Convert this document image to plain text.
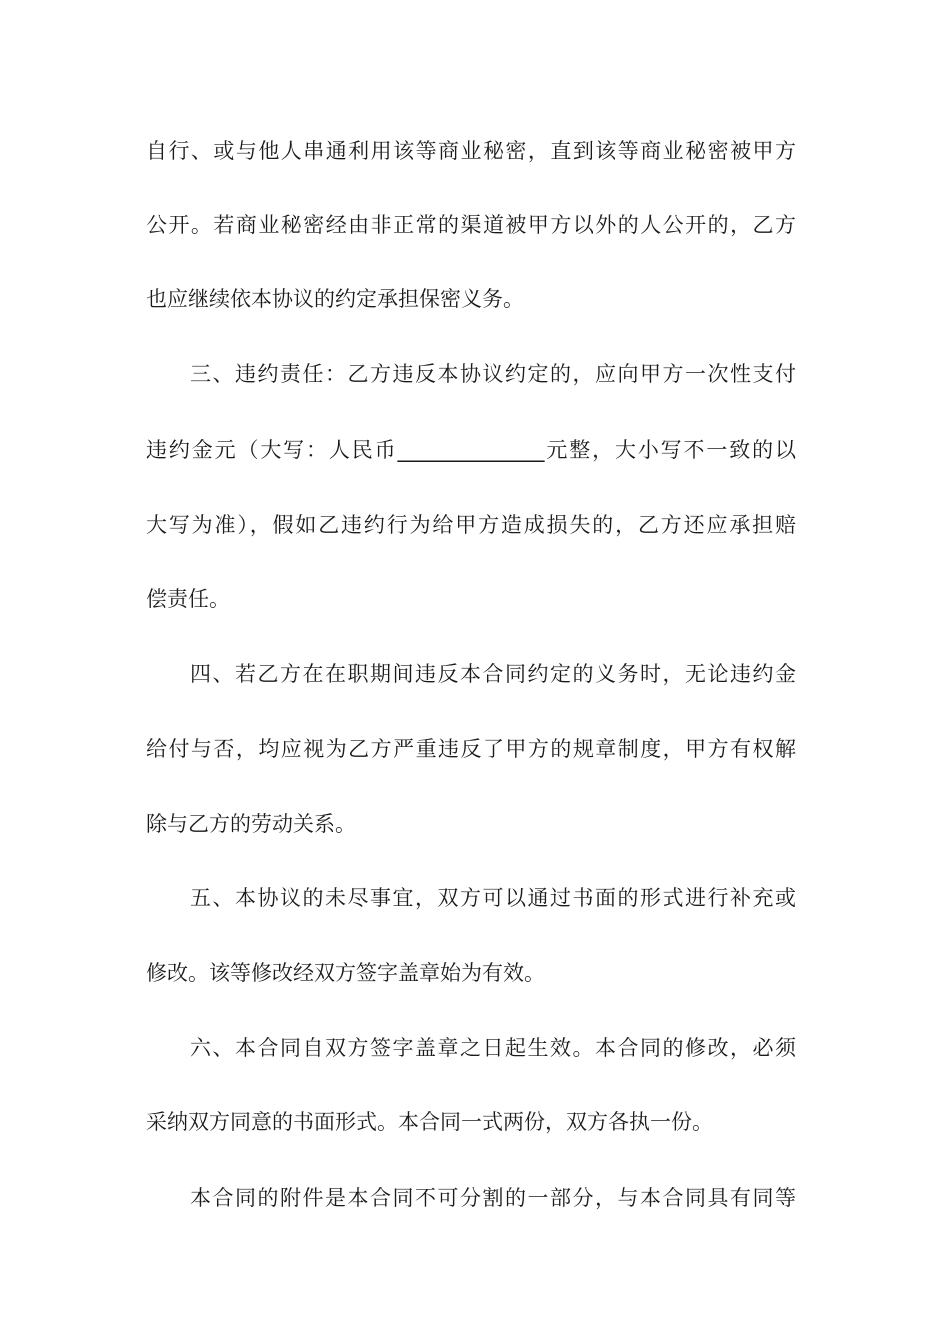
自行、或与他人串通利用该等商业秘密，直到该等商业秘密被甲方
公开。若商业秘密经由非正常的渠道被甲方以外的人公开的，乙方
也应继续依本协议的约定承担保密义务。
三、违约责任：乙方违反本协议约定的，应向甲方一次性支付
违约金元（大写：人民币______________元整，大小写不一致的以
大写为准），假如乙违约行为给甲方造成损失的，乙方还应承担赔
偿责任。
四、若乙方在在职期间违反本合同约定的义务时，无论违约金
给付与否，均应视为乙方严重违反了甲方的规章制度，甲方有权解
除与乙方的劳动关系。
五、本协议的未尽事宜，双方可以通过书面的形式进行补充或
修改。该等修改经双方签字盖章始为有效。
六、本合同自双方签字盖章之日起生效。本合同的修改，必须
采纳双方同意的书面形式。本合同一式两份，双方各执一份。
本合同的附件是本合同不可分割的一部分，与本合同具有同等
